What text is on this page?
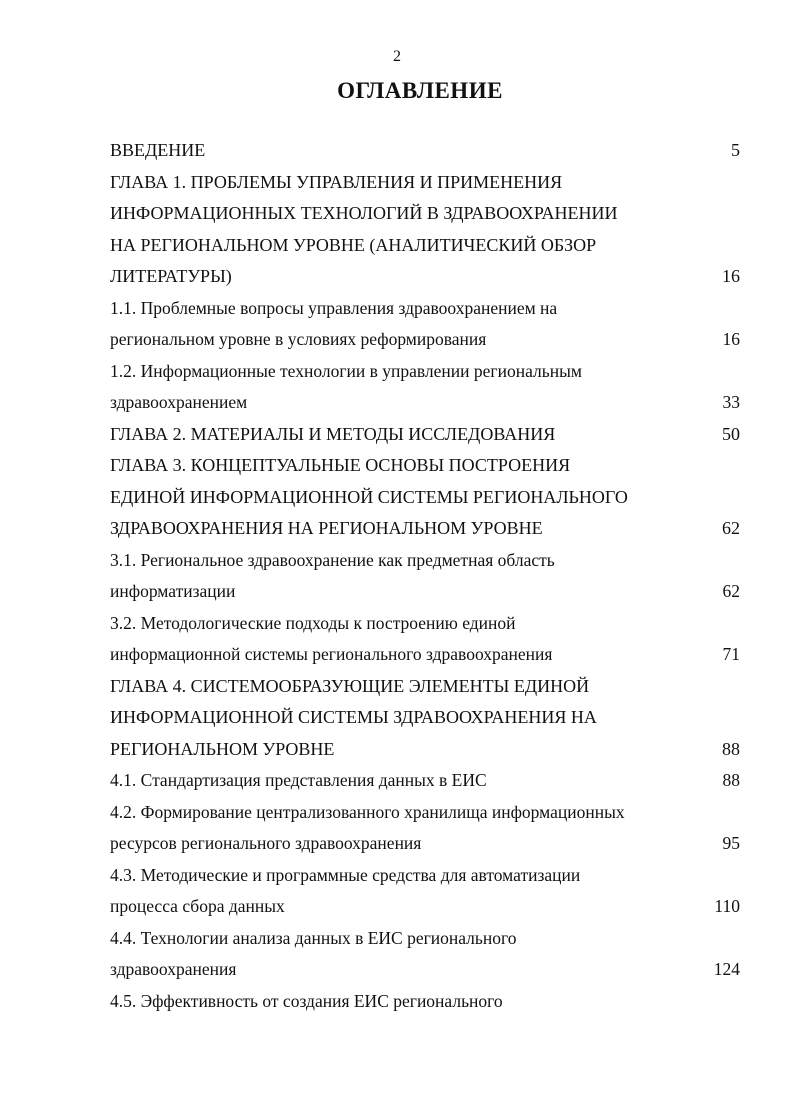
2
ОГЛАВЛЕНИЕ
ВВЕДЕНИЕ	5
ГЛАВА 1. ПРОБЛЕМЫ УПРАВЛЕНИЯ И ПРИМЕНЕНИЯ
ИНФОРМАЦИОННЫХ ТЕХНОЛОГИЙ В ЗДРАВООХРАНЕНИИ
НА РЕГИОНАЛЬНОМ УРОВНЕ (АНАЛИТИЧЕСКИЙ ОБЗОР
ЛИТЕРАТУРЫ)	16
1.1. Проблемные вопросы управления здравоохранением на
региональном уровне в условиях реформирования	16
1.2. Информационные технологии в управлении региональным
здравоохранением	33
ГЛАВА 2. МАТЕРИАЛЫ И МЕТОДЫ ИССЛЕДОВАНИЯ	50
ГЛАВА 3. КОНЦЕПТУАЛЬНЫЕ ОСНОВЫ ПОСТРОЕНИЯ
ЕДИНОЙ ИНФОРМАЦИОННОЙ СИСТЕМЫ РЕГИОНАЛЬНОГО
ЗДРАВООХРАНЕНИЯ НА РЕГИОНАЛЬНОМ УРОВНЕ	62
3.1. Региональное здравоохранение как предметная область
информатизации	62
3.2. Методологические подходы к построению единой
информационной системы регионального здравоохранения	71
ГЛАВА 4. СИСТЕМООБРАЗУЮЩИЕ ЭЛЕМЕНТЫ ЕДИНОЙ
ИНФОРМАЦИОННОЙ СИСТЕМЫ ЗДРАВООХРАНЕНИЯ НА
РЕГИОНАЛЬНОМ УРОВНЕ	88
4.1. Стандартизация представления данных в ЕИС	88
4.2. Формирование централизованного хранилища информационных
ресурсов регионального здравоохранения	95
4.3. Методические и программные средства для автоматизации
процесса сбора данных	110
4.4. Технологии анализа данных в ЕИС регионального
здравоохранения	124
4.5. Эффективность от создания ЕИС регионального
